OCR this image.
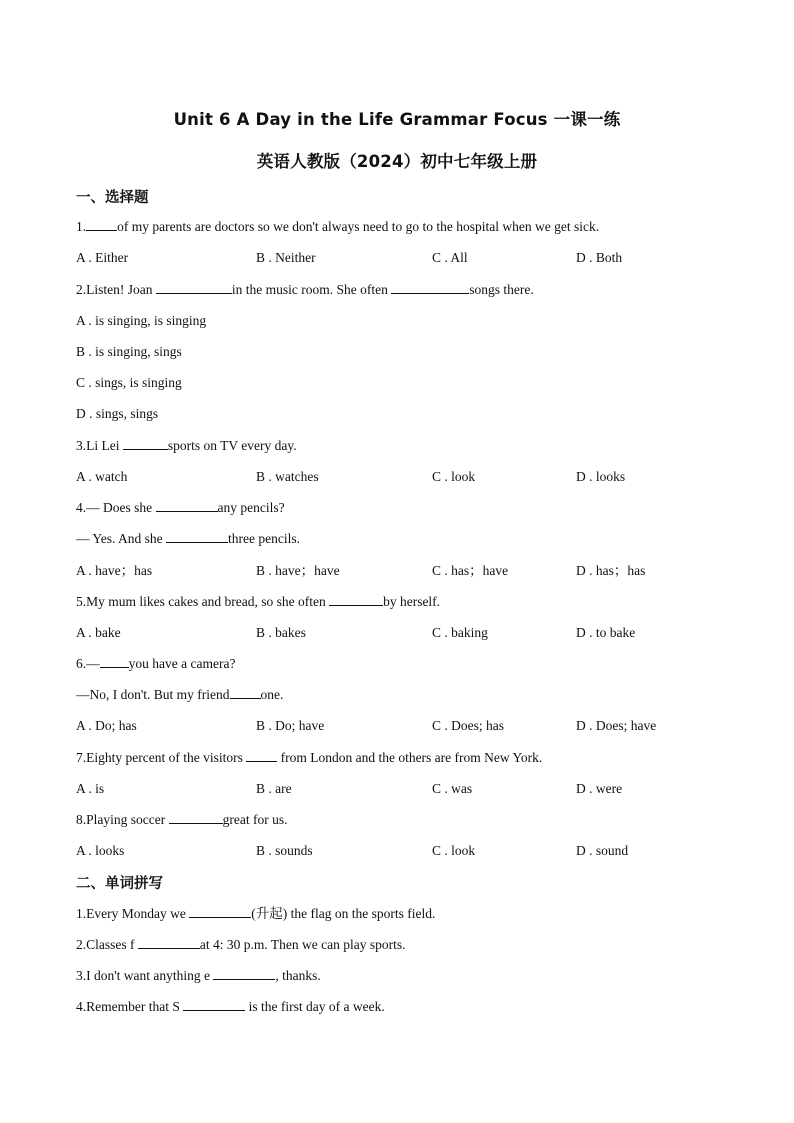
Unit 6 A Day in the Life Grammar Focus 一课一练
英语人教版（2024）初中七年级上册
一、选择题
1. of my parents are doctors so we don't always need to go to the hospital when we get sick.
A . Either	B . Neither	C . All	D . Both
2.Listen! Joan	in the music room. She often	songs there.
A . is singing, is singing
B . is singing, sings
C . sings, is singing
D . sings, sings
3.Li Lei	sports on TV every day.
A . watch	B . watches	C . look	D . looks
4.— Does she	any pencils?
— Yes. And she	three pencils.
A . have；has	B . have；have	C . has；have	D . has；has
5.My mum likes cakes and bread, so she often	by herself.
A . bake	B . bakes	C . baking	D . to bake
6.— you have a camera?
—No, I don't. But my friend one.
A . Do; has	B . Do; have	C . Does; has	D . Does; have
7.Eighty percent of the visitors  from London and the others are from New York.
A . is	B . are	C . was	D . were
8.Playing soccer	great for us.
A . looks	B . sounds	C . look	D . sound
二、单词拼写
1.Every Monday we	(升起) the flag on the sports field.
2.Classes f	at 4: 30 p.m. Then we can play sports.
3.I don't want anything e	, thanks.
4.Remember that S	is the first day of a week.
